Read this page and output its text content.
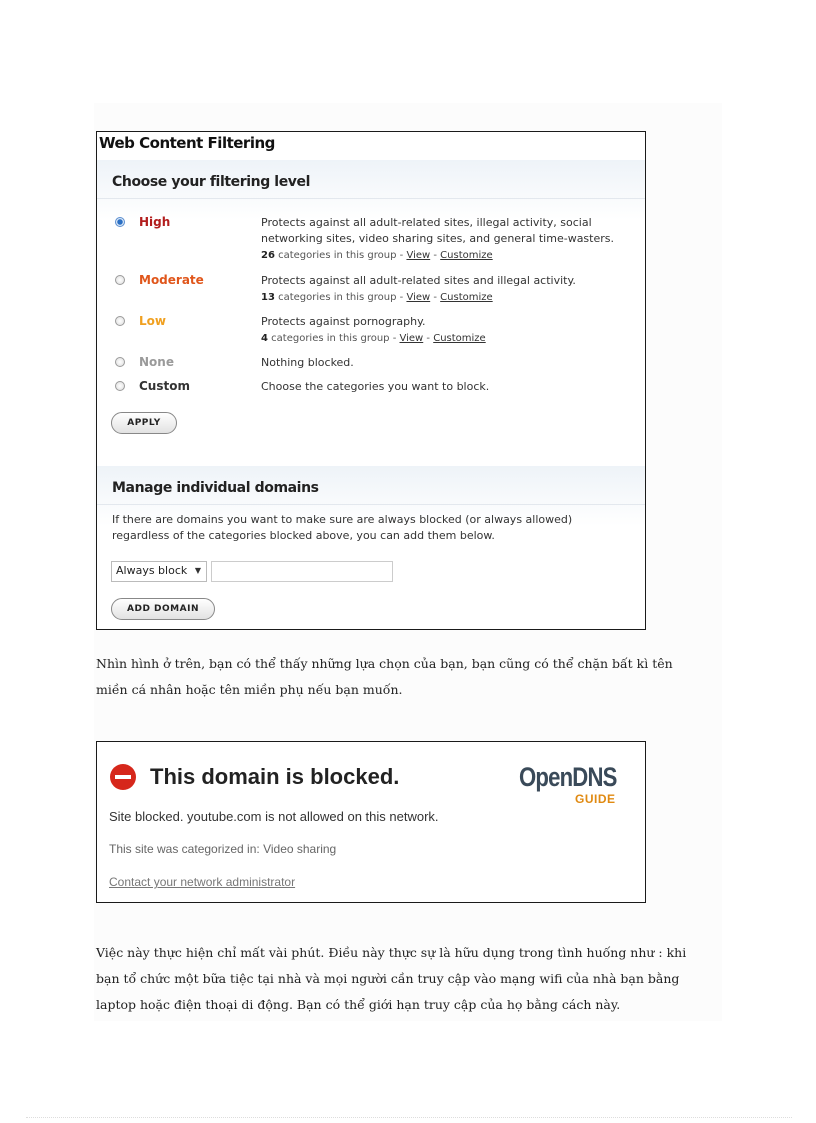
Web Content Filtering
Choose your filtering level
High	Protects against all adult-related sites, illegal activity, social networking sites, video sharing sites, and general time-wasters.
26 categories in this group - View - Customize
Moderate	Protects against all adult-related sites and illegal activity.
13 categories in this group - View - Customize
Low	Protects against pornography.
4 categories in this group - View - Customize
None	Nothing blocked.
Custom	Choose the categories you want to block.
APPLY
Manage individual domains
If there are domains you want to make sure are always blocked (or always allowed) regardless of the categories blocked above, you can add them below.
Always block ▼
ADD DOMAIN
Nhìn hình ở trên, bạn có thể thấy những lựa chọn của bạn, bạn cũng có thể chặn bất kì tên miền cá nhân hoặc tên miền phụ nếu bạn muốn.
This domain is blocked.	OpenDNS
GUIDE
Site blocked. youtube.com is not allowed on this network.
This site was categorized in: Video sharing
Contact your network administrator
Việc này thực hiện chỉ mất vài phút. Điều này thực sự là hữu dụng trong tình huống như : khi bạn tổ chức một bữa tiệc tại nhà và mọi người cần truy cập vào mạng wifi của nhà bạn bằng laptop hoặc điện thoại di động. Bạn có thể giới hạn truy cập của họ bằng cách này.
